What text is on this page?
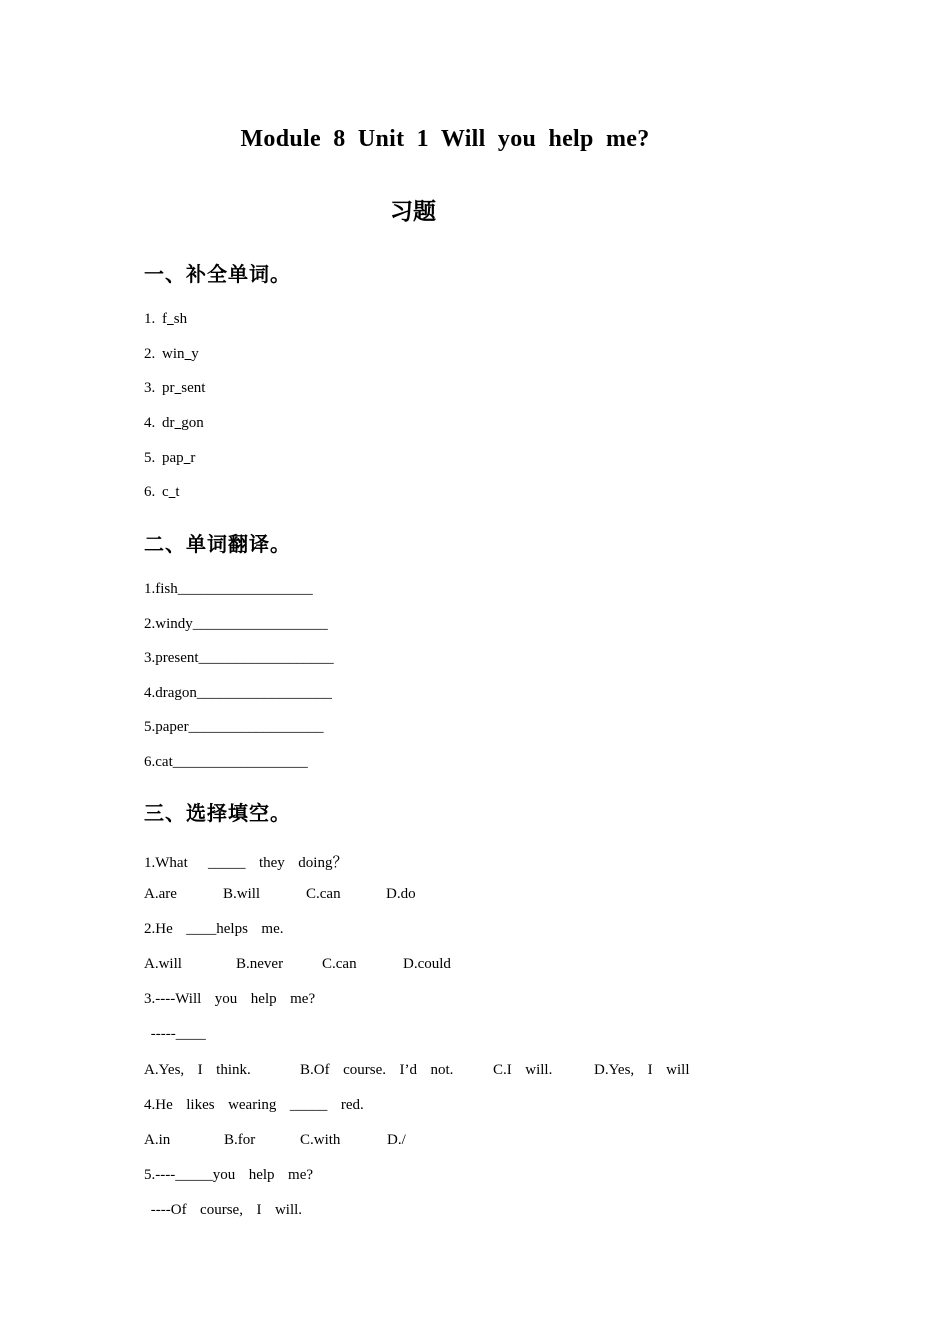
Module 8 Unit 1 Will you help me?
习题
一、补全单词。
1. f sh
2. win y
3. pr sent
4. dr gon
5. pap r
6. c t
二、单词翻译。
1.fish__________________
2.windy__________________
3.present__________________
4.dragon__________________
5.paper__________________
6.cat__________________
三、选择填空。
1.What   _____  they  doing？
A.are	B.will	C.can	D.do
2.He  ____helps  me.
A.will	B.never	C.can	D.could
3.----Will  you  help  me?
-----____
A.Yes,  I  think.	B.Of  course.  I’d  not.	C.I  will.	D.Yes,  I  will
4.He  likes  wearing  _____  red.
A.in	B.for	C.with	D./
5.----_____you  help  me?
----Of  course,  I  will.
